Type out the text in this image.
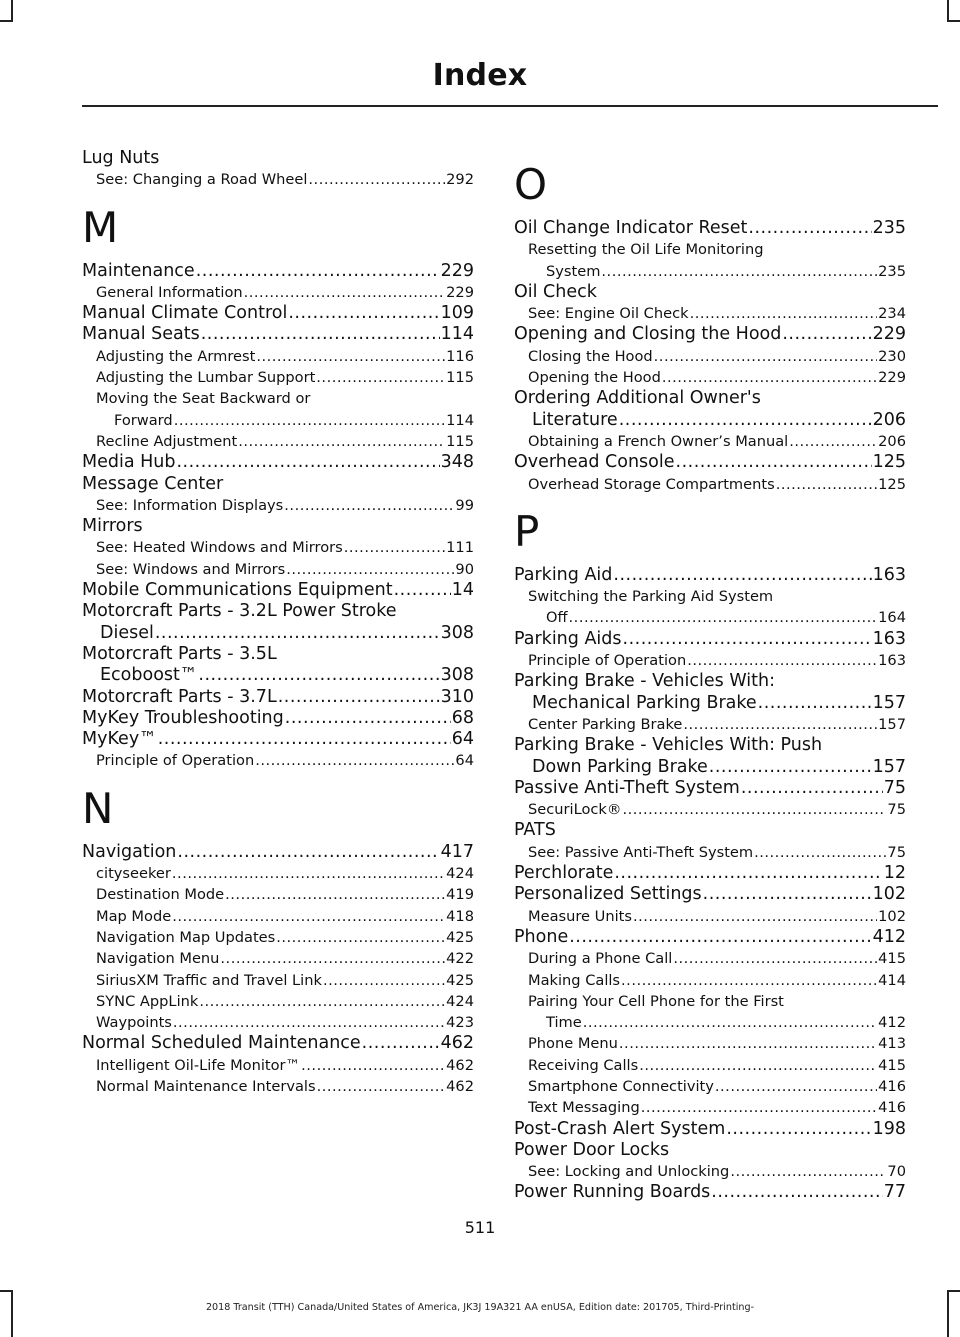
Index
Lug Nuts
See: Changing a Road Wheel .....	292
M
Maintenance .....	229
General Information .....	229
Manual Climate Control .....	109
Manual Seats .....	114
Adjusting the Armrest .....	116
Adjusting the Lumbar Support .....	115
Moving the Seat Backward or
Forward .....	114
Recline Adjustment .....	115
Media Hub .....	348
Message Center
See: Information Displays .....	99
Mirrors
See: Heated Windows and Mirrors .....	111
See: Windows and Mirrors .....	90
Mobile Communications Equipment .....	14
Motorcraft Parts - 3.2L Power Stroke
Diesel .....	308
Motorcraft Parts - 3.5L
Ecoboost™ .....	308
Motorcraft Parts - 3.7L .....	310
MyKey Troubleshooting .....	68
MyKey™ .....	64
Principle of Operation .....	64
N
Navigation .....	417
cityseeker .....	424
Destination Mode .....	419
Map Mode .....	418
Navigation Map Updates .....	425
Navigation Menu .....	422
SiriusXM Traffic and Travel Link .....	425
SYNC AppLink .....	424
Waypoints .....	423
Normal Scheduled Maintenance .....	462
Intelligent Oil-Life Monitor™ .....	462
Normal Maintenance Intervals .....	462
O
Oil Change Indicator Reset .....	235
Resetting the Oil Life Monitoring
System .....	235
Oil Check
See: Engine Oil Check .....	234
Opening and Closing the Hood .....	229
Closing the Hood .....	230
Opening the Hood .....	229
Ordering Additional Owner's
Literature .....	206
Obtaining a French Owner’s Manual .....	206
Overhead Console .....	125
Overhead Storage Compartments .....	125
P
Parking Aid .....	163
Switching the Parking Aid System
Off .....	164
Parking Aids .....	163
Principle of Operation .....	163
Parking Brake - Vehicles With:
Mechanical Parking Brake .....	157
Center Parking Brake .....	157
Parking Brake - Vehicles With: Push
Down Parking Brake .....	157
Passive Anti-Theft System .....	75
SecuriLock® .....	75
PATS
See: Passive Anti-Theft System .....	75
Perchlorate .....	12
Personalized Settings .....	102
Measure Units .....	102
Phone .....	412
During a Phone Call .....	415
Making Calls .....	414
Pairing Your Cell Phone for the First
Time .....	412
Phone Menu .....	413
Receiving Calls .....	415
Smartphone Connectivity .....	416
Text Messaging .....	416
Post-Crash Alert System .....	198
Power Door Locks
See: Locking and Unlocking .....	70
Power Running Boards .....	77
511
2018 Transit (TTH) Canada/United States of America, JK3J 19A321 AA enUSA, Edition date: 201705, Third-Printing-
